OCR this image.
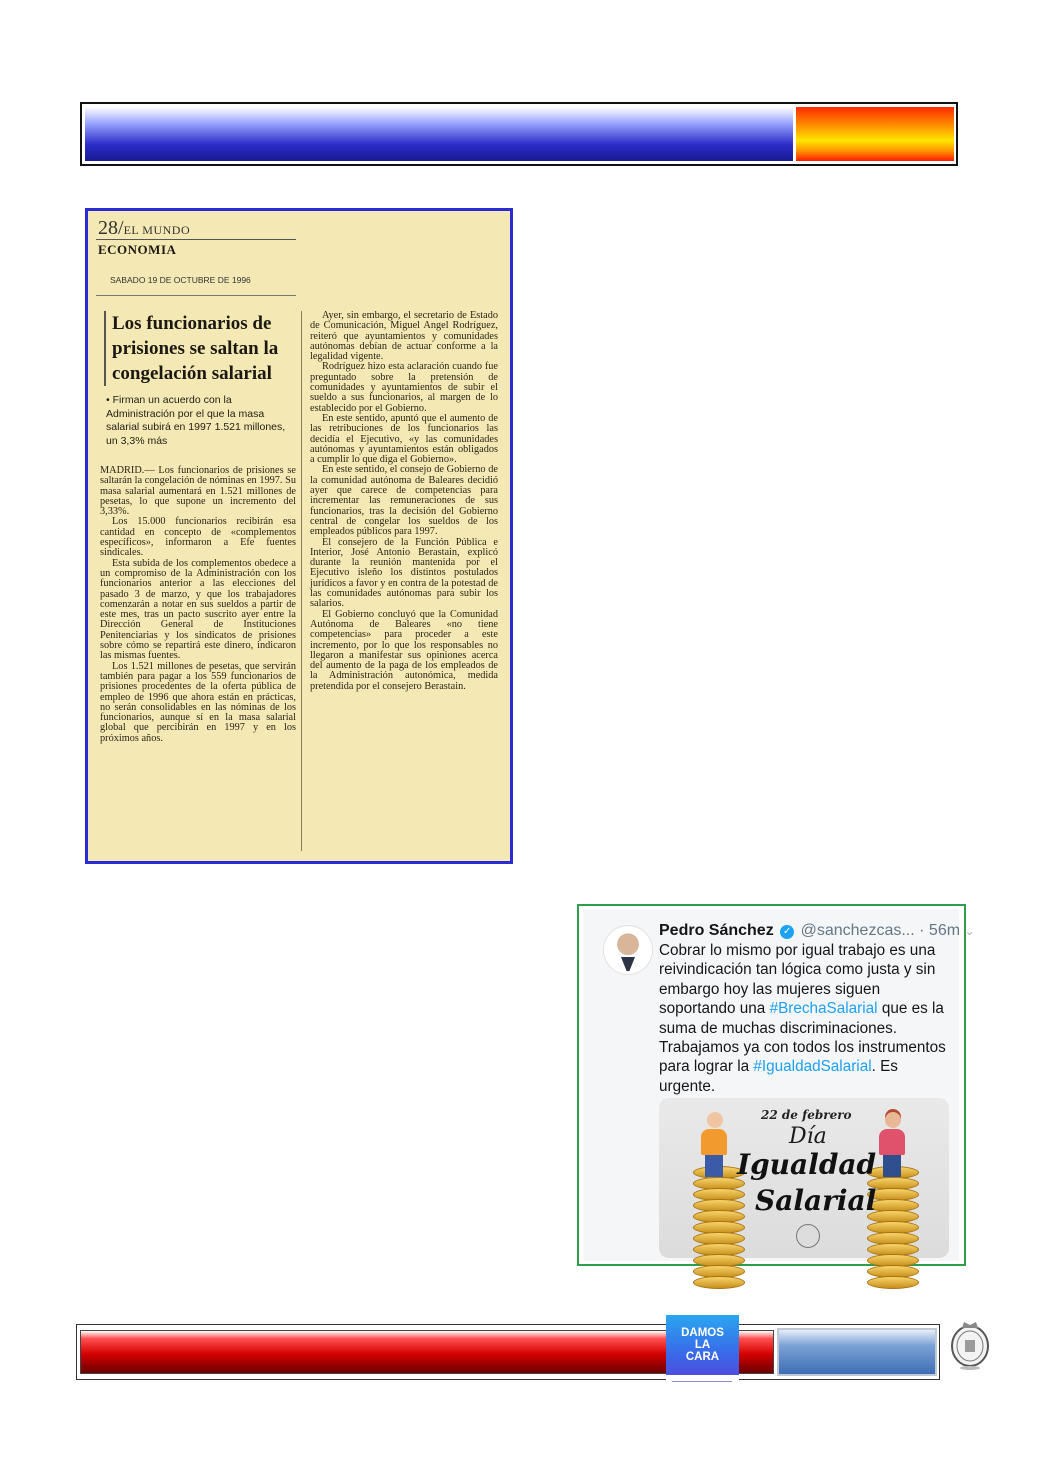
28/EL MUNDO
ECONOMIA
SABADO 19 DE OCTUBRE DE 1996
Los funcionarios de prisiones se saltan la congelación salarial
• Firman un acuerdo con la Administración por el que la masa salarial subirá en 1997 1.521 millones, un 3,3% más

MADRID.— Los funcionarios de prisiones se saltarán la congelación de nóminas en 1997. Su masa salarial aumentará en 1.521 millones de pesetas, lo que supone un incremento del 3,33%.

Los 15.000 funcionarios recibirán esa cantidad en concepto de «complementos específicos», informaron a Efe fuentes sindicales.

Esta subida de los complementos obedece a un compromiso de la Administración con los funcionarios anterior a las elecciones del pasado 3 de marzo, y que los trabajadores comenzarán a notar en sus sueldos a partir de este mes, tras un pacto suscrito ayer entre la Dirección General de Instituciones Penitenciarias y los sindicatos de prisiones sobre cómo se repartirá este dinero, indicaron las mismas fuentes.

Los 1.521 millones de pesetas, que servirán también para pagar a los 559 funcionarios de prisiones procedentes de la oferta pública de empleo de 1996 que ahora están en prácticas, no serán consolidables en las nóminas de los funcionarios, aunque sí en la masa salarial global que percibirán en 1997 y en los próximos años.

Ayer, sin embargo, el secretario de Estado de Comunicación, Miguel Angel Rodríguez, reiteró que ayuntamientos y comunidades autónomas debían de actuar conforme a la legalidad vigente.

Rodríguez hizo esta aclaración cuando fue preguntado sobre la pretensión de comunidades y ayuntamientos de subir el sueldo a sus funcionarios, al margen de lo establecido por el Gobierno.

En este sentido, apuntó que el aumento de las retribuciones de los funcionarios las decidía el Ejecutivo, «y las comunidades autónomas y ayuntamientos están obligados a cumplir lo que diga el Gobierno».

En este sentido, el consejo de Gobierno de la comunidad autónoma de Baleares decidió ayer que carece de competencias para incrementar las remuneraciones de sus funcionarios, tras la decisión del Gobierno central de congelar los sueldos de los empleados públicos para 1997.

El consejero de la Función Pública e Interior, José Antonio Berastain, explicó durante la reunión mantenida por el Ejecutivo isleño los distintos postulados jurídicos a favor y en contra de la potestad de las comunidades autónomas para subir los salarios.

El Gobierno concluyó que la Comunidad Autónoma de Baleares «no tiene competencias» para proceder a este incremento, por lo que los responsables no llegaron a manifestar sus opiniones acerca del aumento de la paga de los empleados de la Administración autonómica, medida pretendida por el consejero Berastain.

Pedro Sánchez ✓ @sanchezcas... · 56m ⌄
Cobrar lo mismo por igual trabajo es una reivindicación tan lógica como justa y sin embargo hoy las mujeres siguen soportando una #BrechaSalarial que es la suma de muchas discriminaciones. Trabajamos ya con todos los instrumentos para lograr la #IgualdadSalarial. Es urgente.
22 de febrero
Día
Igualdad
Salarial
DAMOS
LA
CARA
